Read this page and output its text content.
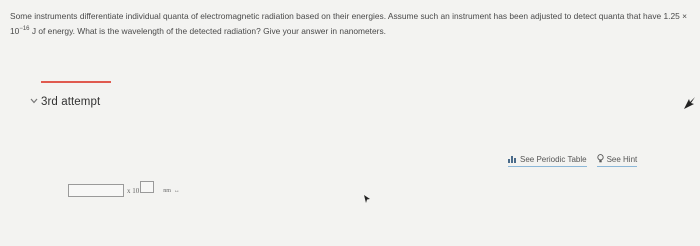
Some instruments differentiate individual quanta of electromagnetic radiation based on their energies. Assume such an instrument has been adjusted to detect quanta that have $1.25 \times 10^{-16}$ J of energy. What is the wavelength of the detected radiation? Give your answer in nanometers.
3rd attempt
See Periodic Table	See Hint
x 10	nm ↔
